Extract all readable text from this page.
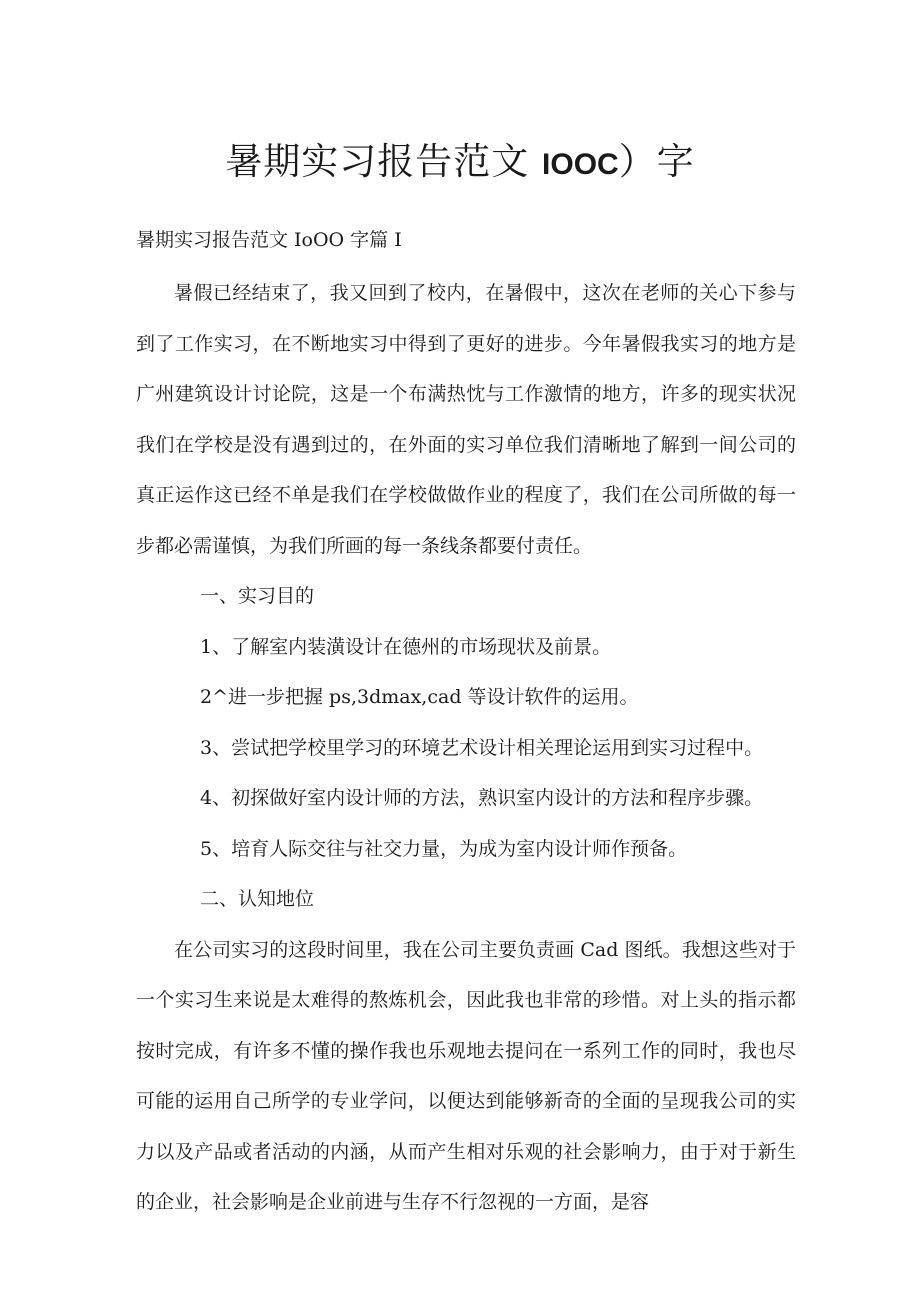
暑期实习报告范文 IOOC）字
暑期实习报告范文 IoOO 字篇 I

暑假已经结束了，我又回到了校内，在暑假中，这次在老师的关心下参与到了工作实习，在不断地实习中得到了更好的进步。今年暑假我实习的地方是广州建筑设计讨论院，这是一个布满热忱与工作激情的地方，许多的现实状况我们在学校是没有遇到过的，在外面的实习单位我们清晰地了解到一间公司的真正运作这已经不单是我们在学校做做作业的程度了，我们在公司所做的每一步都必需谨慎，为我们所画的每一条线条都要付责任。

一、实习目的

1、了解室内装潢设计在德州的市场现状及前景。

2^进一步把握 ps,3dmax,cad 等设计软件的运用。

3、尝试把学校里学习的环境艺术设计相关理论运用到实习过程中。

4、初探做好室内设计师的方法，熟识室内设计的方法和程序步骤。

5、培育人际交往与社交力量，为成为室内设计师作预备。

二、认知地位

在公司实习的这段时间里，我在公司主要负责画 Cad 图纸。我想这些对于一个实习生来说是太难得的熬炼机会，因此我也非常的珍惜。对上头的指示都按时完成，有许多不懂的操作我也乐观地去提问在一系列工作的同时，我也尽可能的运用自己所学的专业学问，以便达到能够新奇的全面的呈现我公司的实力以及产品或者活动的内涵，从而产生相对乐观的社会影响力，由于对于新生的企业，社会影响是企业前进与生存不行忽视的一方面，是容
